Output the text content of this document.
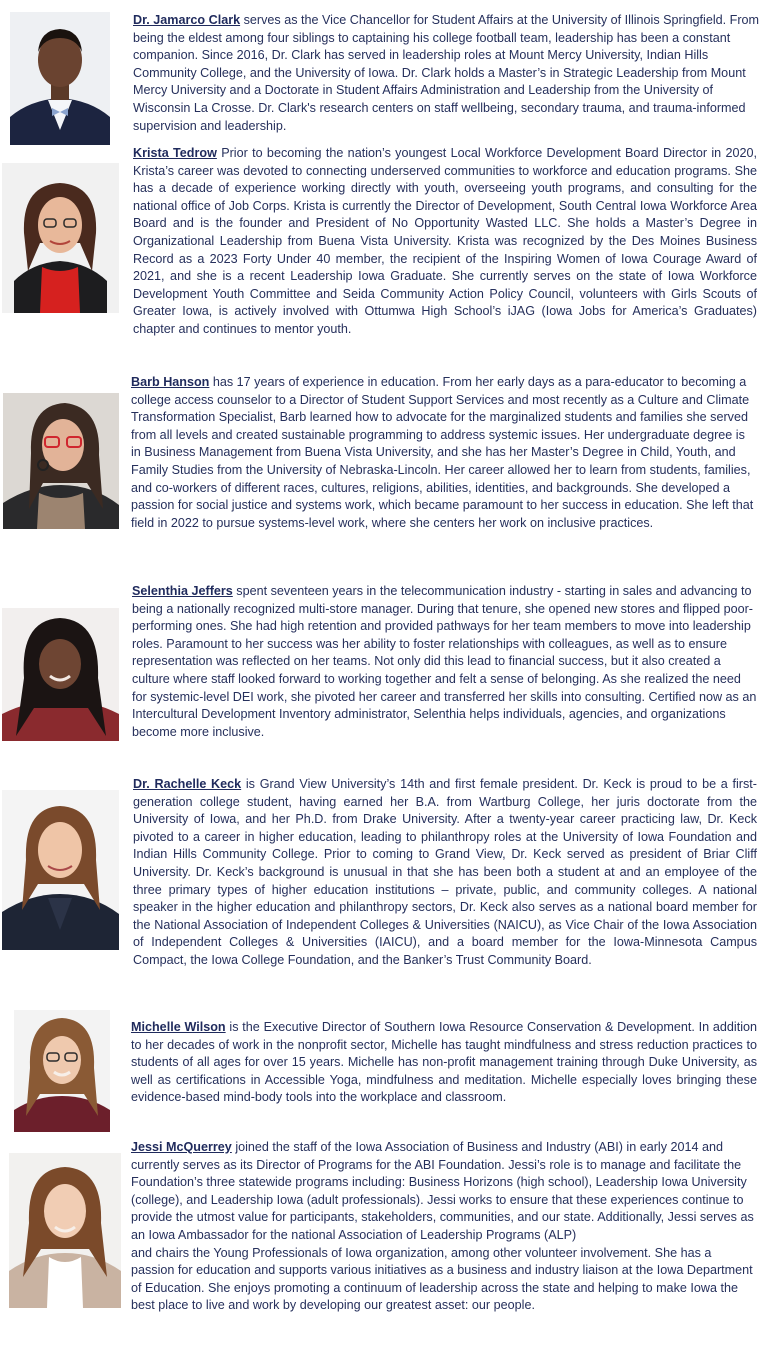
Dr. Jamarco Clark serves as the Vice Chancellor for Student Affairs at the University of Illinois Springfield. From being the eldest among four siblings to captaining his college football team, leadership has been a constant companion. Since 2016, Dr. Clark has served in leadership roles at Mount Mercy University, Indian Hills Community College, and the University of Iowa. Dr. Clark holds a Master’s in Strategic Leadership from Mount Mercy University and a Doctorate in Student Affairs Administration and Leadership from the University of Wisconsin La Crosse. Dr. Clark's research centers on staff wellbeing, secondary trauma, and trauma-informed supervision and leadership.
Krista Tedrow Prior to becoming the nation’s youngest Local Workforce Development Board Director in 2020, Krista’s career was devoted to connecting underserved communities to workforce and education programs. She has a decade of experience working directly with youth, overseeing youth programs, and consulting for the national office of Job Corps. Krista is currently the Director of Development, South Central Iowa Workforce Area Board and is the founder and President of No Opportunity Wasted LLC. She holds a Master’s Degree in Organizational Leadership from Buena Vista University. Krista was recognized by the Des Moines Business Record as a 2023 Forty Under 40 member, the recipient of the Inspiring Women of Iowa Courage Award of 2021, and she is a recent Leadership Iowa Graduate. She currently serves on the state of Iowa Workforce Development Youth Committee and Seida Community Action Policy Council, volunteers with Girls Scouts of Greater Iowa, is actively involved with Ottumwa High School’s iJAG (Iowa Jobs for America’s Graduates) chapter and continues to mentor youth.
Barb Hanson has 17 years of experience in education. From her early days as a para-educator to becoming a college access counselor to a Director of Student Support Services and most recently as a Culture and Climate Transformation Specialist, Barb learned how to advocate for the marginalized students and families she served from all levels and created sustainable programming to address systemic issues. Her undergraduate degree is in Business Management from Buena Vista University, and she has her Master’s Degree in Child, Youth, and Family Studies from the University of Nebraska-Lincoln. Her career allowed her to learn from students, families, and co-workers of different races, cultures, religions, abilities, identities, and backgrounds. She developed a passion for social justice and systems work, which became paramount to her success in education. She left that field in 2022 to pursue systems-level work, where she centers her work on inclusive practices.
Selenthia Jeffers spent seventeen years in the telecommunication industry - starting in sales and advancing to being a nationally recognized multi-store manager. During that tenure, she opened new stores and flipped poor-performing ones. She had high retention and provided pathways for her team members to move into leadership roles. Paramount to her success was her ability to foster relationships with colleagues, as well as to ensure representation was reflected on her teams. Not only did this lead to financial success, but it also created a culture where staff looked forward to working together and felt a sense of belonging. As she realized the need for systemic-level DEI work, she pivoted her career and transferred her skills into consulting. Certified now as an Intercultural Development Inventory administrator, Selenthia helps individuals, agencies, and organizations become more inclusive.
Dr. Rachelle Keck is Grand View University’s 14th and first female president. Dr. Keck is proud to be a first-generation college student, having earned her B.A. from Wartburg College, her juris doctorate from the University of Iowa, and her Ph.D. from Drake University. After a twenty-year career practicing law, Dr. Keck pivoted to a career in higher education, leading to philanthropy roles at the University of Iowa Foundation and Indian Hills Community College. Prior to coming to Grand View, Dr. Keck served as president of Briar Cliff University. Dr. Keck’s background is unusual in that she has been both a student at and an employee of the three primary types of higher education institutions – private, public, and community colleges. A national speaker in the higher education and philanthropy sectors, Dr. Keck also serves as a national board member for the National Association of Independent Colleges & Universities (NAICU), as Vice Chair of the Iowa Association of Independent Colleges & Universities (IAICU), and a board member for the Iowa-Minnesota Campus Compact, the Iowa College Foundation, and the Banker’s Trust Community Board.
Michelle Wilson is the Executive Director of Southern Iowa Resource Conservation & Development. In addition to her decades of work in the nonprofit sector, Michelle has taught mindfulness and stress reduction practices to students of all ages for over 15 years. Michelle has non-profit management training through Duke University, as well as certifications in Accessible Yoga, mindfulness and meditation. Michelle especially loves bringing these evidence-based mind-body tools into the workplace and classroom.
Jessi McQuerrey joined the staff of the Iowa Association of Business and Industry (ABI) in early 2014 and currently serves as its Director of Programs for the ABI Foundation. Jessi’s role is to manage and facilitate the Foundation’s three statewide programs including: Business Horizons (high school), Leadership Iowa University (college), and Leadership Iowa (adult professionals). Jessi works to ensure that these experiences continue to provide the utmost value for participants, stakeholders, communities, and our state. Additionally, Jessi serves as an Iowa Ambassador for the national Association of Leadership Programs (ALP)
and chairs the Young Professionals of Iowa organization, among other volunteer involvement. She has a passion for education and supports various initiatives as a business and industry liaison at the Iowa Department of Education. She enjoys promoting a continuum of leadership across the state and helping to make Iowa the best place to live and work by developing our greatest asset: our people.
